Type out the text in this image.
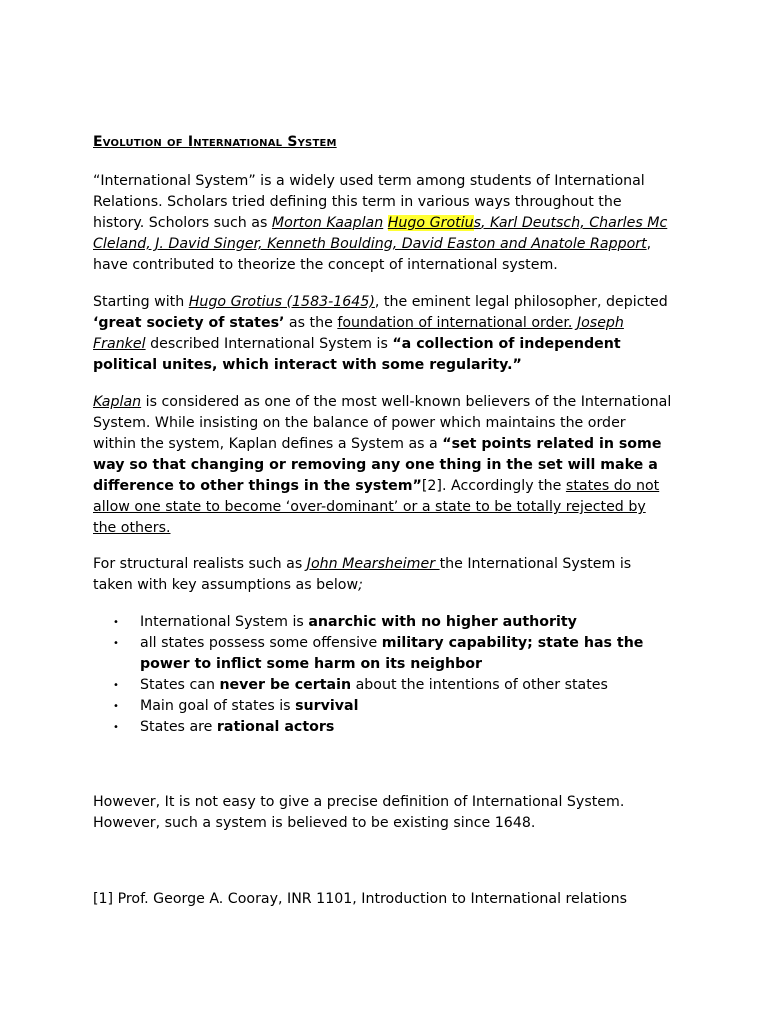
Evolution of International System

“International System” is a widely used term among students of International Relations. Scholars tried defining this term in various ways throughout the history. Scholors such as Morton Kaaplan Hugo Grotius, Karl Deutsch, Charles Mc Cleland, J. David Singer, Kenneth Boulding, David Easton and Anatole Rapport, have contributed to theorize the concept of international system.

Starting with Hugo Grotius (1583-1645), the eminent legal philosopher, depicted ‘great society of states’ as the foundation of international order. Joseph Frankel described International System is “a collection of independent political unites, which interact with some regularity.”

Kaplan is considered as one of the most well-known believers of the International System. While insisting on the balance of power which maintains the order within the system, Kaplan defines a System as a “set points related in some way so that changing or removing any one thing in the set will make a difference to other things in the system”[2]. Accordingly the states do not allow one state to become ‘over-dominant’ or a state to be totally rejected by the others.

For structural realists such as John Mearsheimer the International System is taken with key assumptions as below;

• International System is anarchic with no higher authority
• all states possess some offensive military capability; state has the power to inflict some harm on its neighbor
• States can never be certain about the intentions of other states
• Main goal of states is survival
• States are rational actors

However, It is not easy to give a precise definition of International System. However, such a system is believed to be existing since 1648.

[1] Prof. George A. Cooray, INR 1101, Introduction to International relations
